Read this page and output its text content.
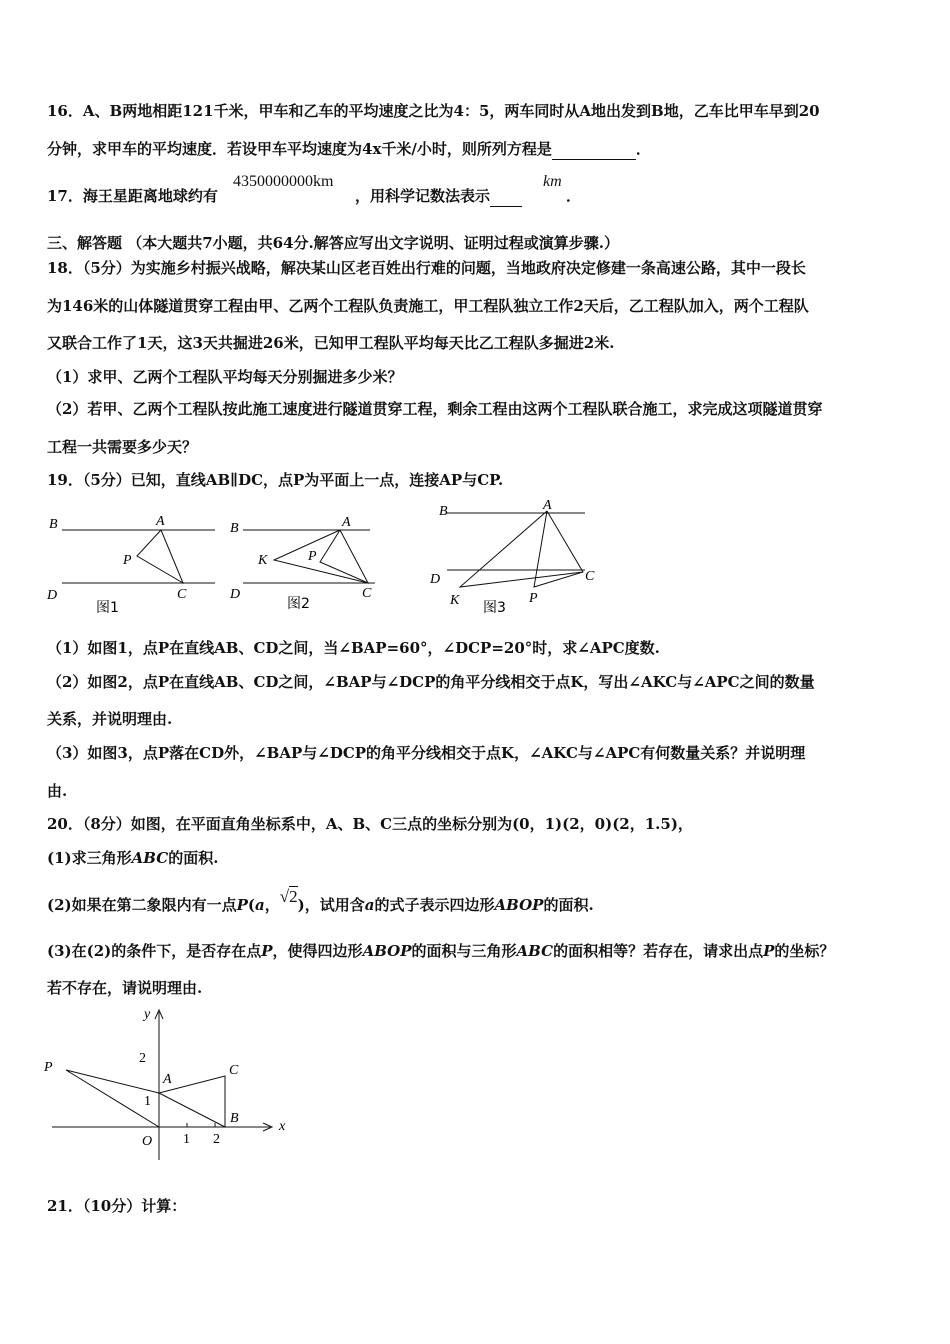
16．A、B两地相距121千米，甲车和乙车的平均速度之比为4：5，两车同时从A地出发到B地，乙车比甲车早到20
分钟，求甲车的平均速度．若设甲车平均速度为4x千米/小时，则所列方程是	．
17．海王星距离地球约有
4350000000km
，用科学记数法表示
km
．
三、解答题 （本大题共7小题，共64分.解答应写出文字说明、证明过程或演算步骤.）
18．（5分）为实施乡村振兴战略，解决某山区老百姓出行难的问题，当地政府决定修建一条高速公路，其中一段长
为146米的山体隧道贯穿工程由甲、乙两个工程队负责施工，甲工程队独立工作2天后，乙工程队加入，两个工程队
又联合工作了1天，这3天共掘进26米，已知甲工程队平均每天比乙工程队多掘进2米.
（1）求甲、乙两个工程队平均每天分别掘进多少米？
（2）若甲、乙两个工程队按此施工速度进行隧道贯穿工程，剩余工程由这两个工程队联合施工，求完成这项隧道贯穿
工程一共需要多少天？
19．（5分）已知，直线AB∥DC，点P为平面上一点，连接AP与CP.
B	A
P
D	C
图1
B	A
K	P
D	C
图2
B	A
D	C
K	P
图3
（1）如图1，点P在直线AB、CD之间，当∠BAP=60°，∠DCP=20°时，求∠APC度数.
（2）如图2，点P在直线AB、CD之间，∠BAP与∠DCP的角平分线相交于点K，写出∠AKC与∠APC之间的数量
关系，并说明理由.
（3）如图3，点P落在CD外，∠BAP与∠DCP的角平分线相交于点K，∠AKC与∠APC有何数量关系？并说明理
由.
20．（8分）如图，在平面直角坐标系中，A、B、C三点的坐标分别为(0，1)(2，0)(2，1.5)，
(1)求三角形ABC的面积.
(2)如果在第二象限内有一点P(a，√2)，试用含a的式子表示四边形ABOP的面积.
(3)在(2)的条件下，是否存在点P，使得四边形ABOP的面积与三角形ABC的面积相等？若存在，请求出点P的坐标？
若不存在，请说明理由.
y
x
2
1
1 2
P
A
C
B
O
21．（10分）计算：
